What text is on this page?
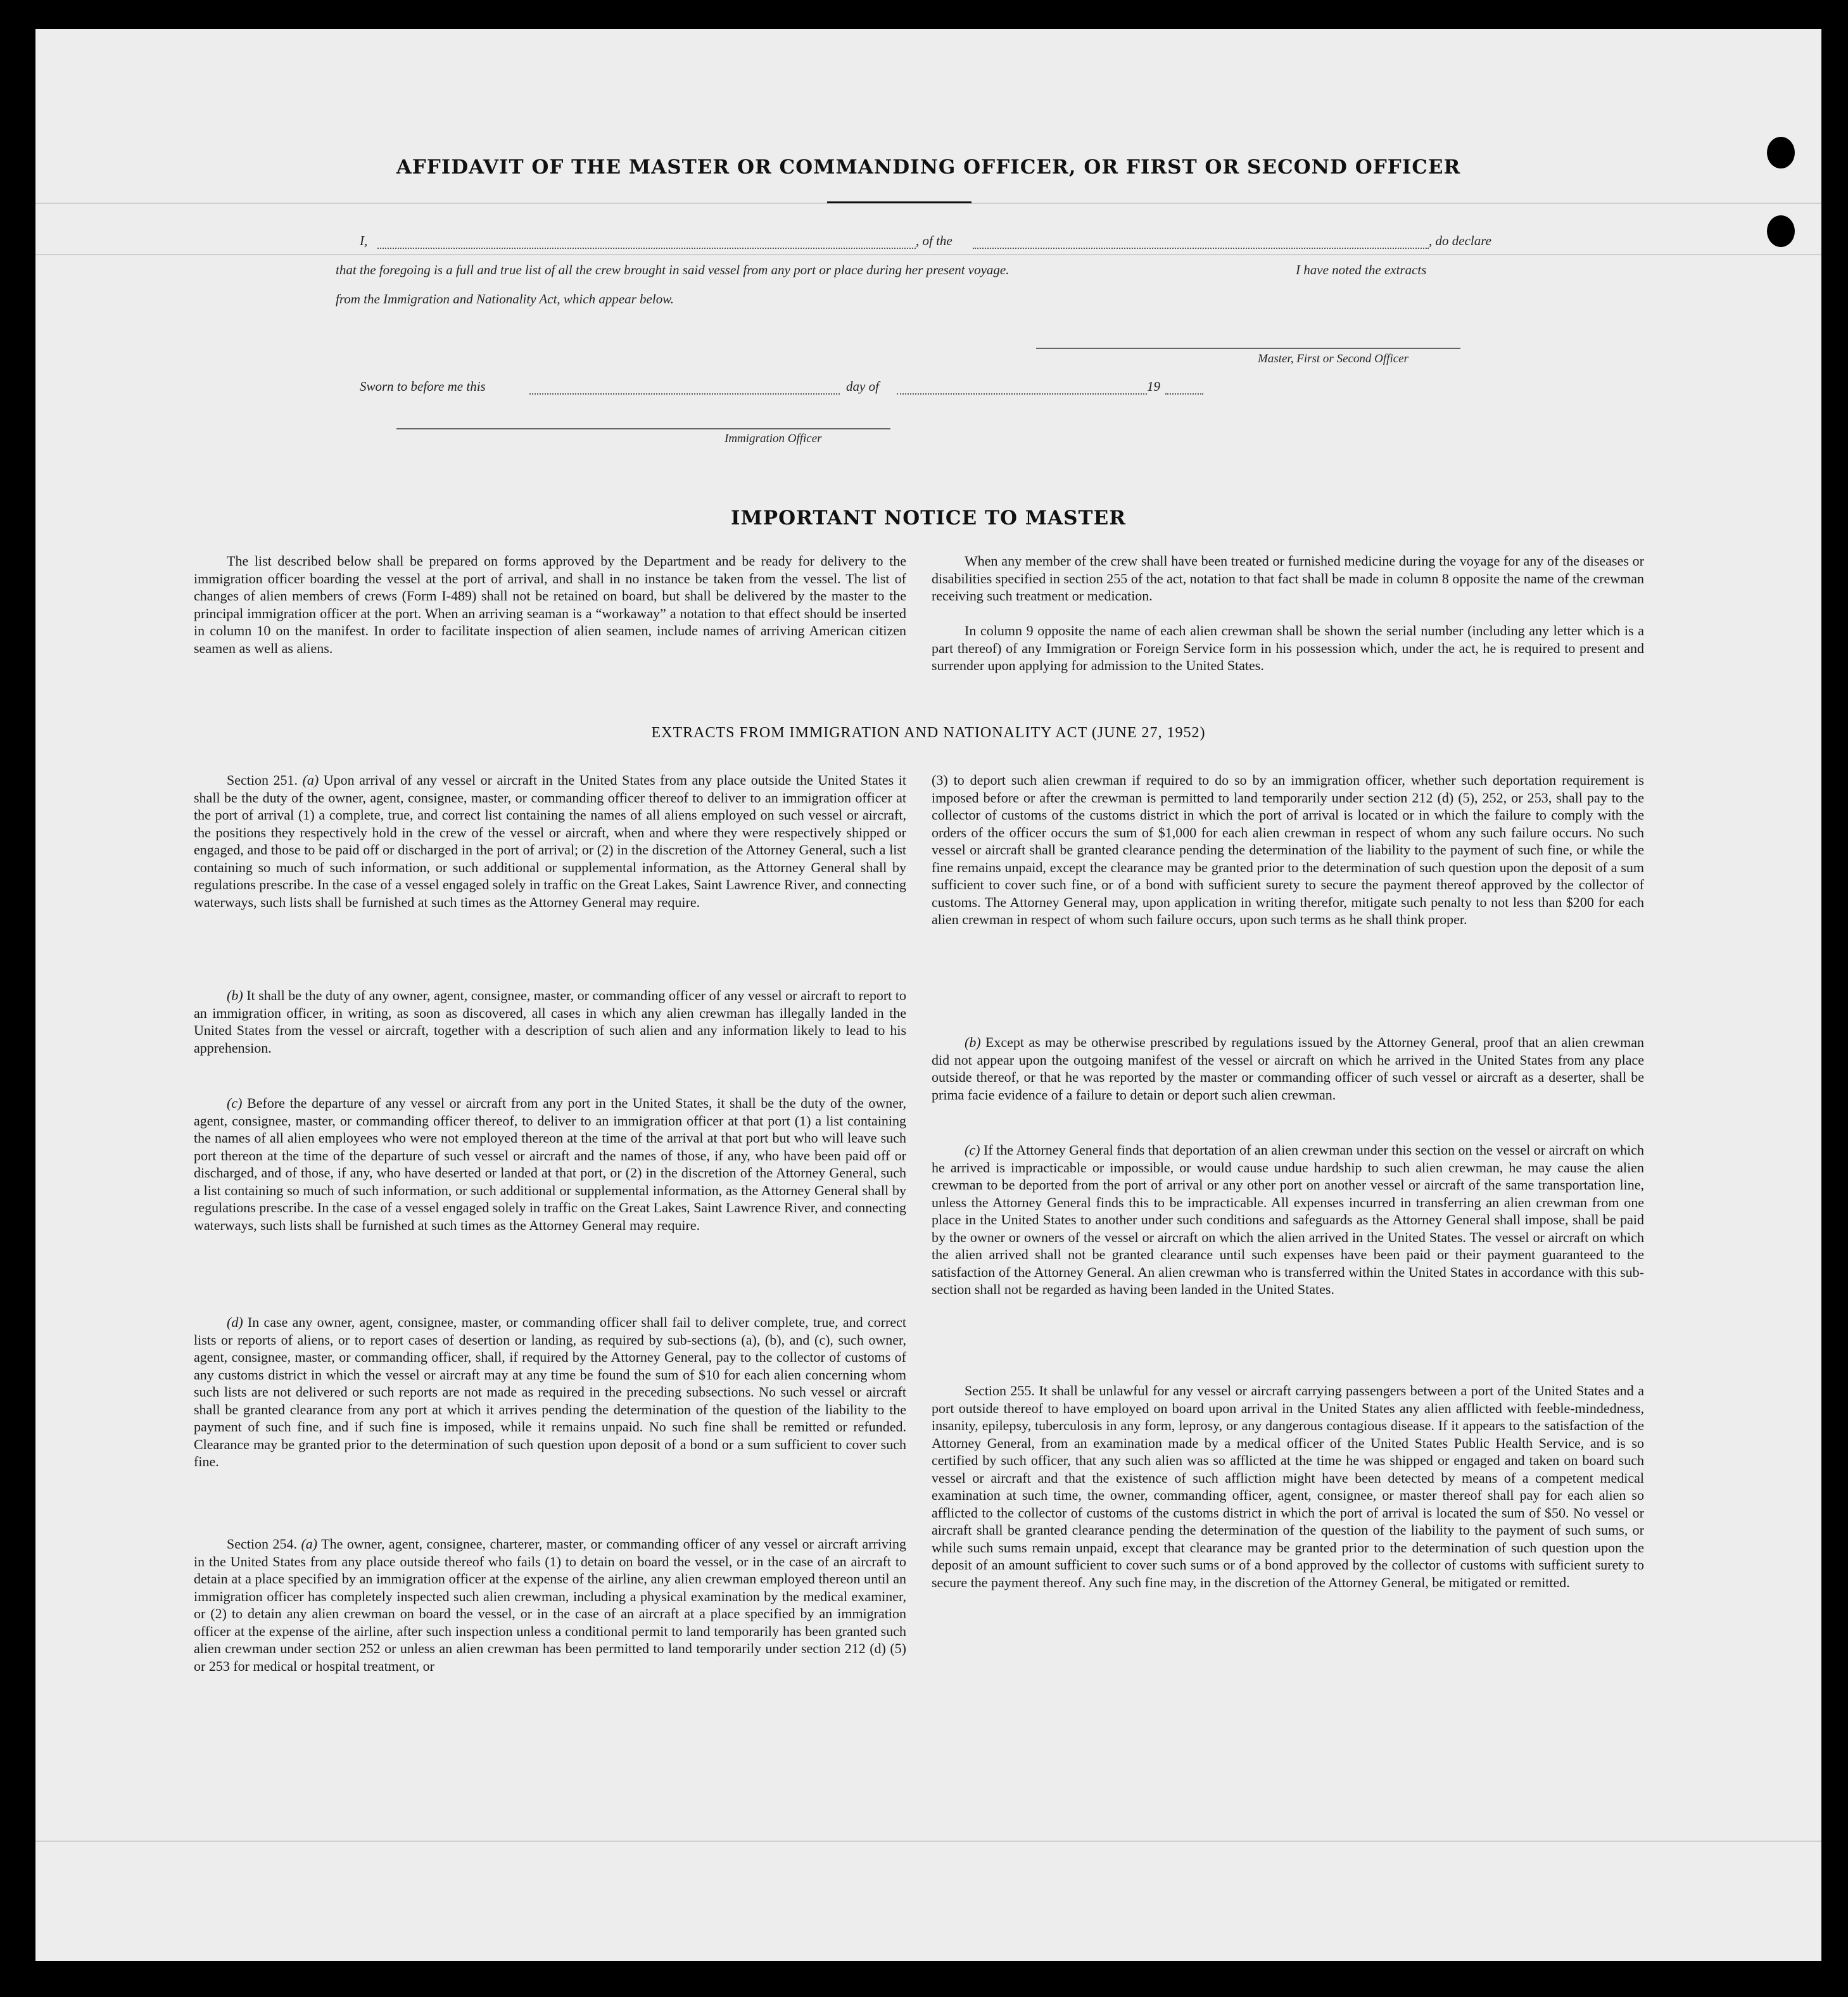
AFFIDAVIT OF THE MASTER OR COMMANDING OFFICER, OR FIRST OR SECOND OFFICER
I,	, of the	, do declare
that the foregoing is a full and true list of all the crew brought in said vessel from any port or place during her present voyage.	I have noted the extracts
from the Immigration and Nationality Act, which appear below.
Master, First or Second Officer
Sworn to before me this	day of	19
Immigration Officer
IMPORTANT NOTICE TO MASTER

The list described below shall be prepared on forms approved by the Department and be ready for delivery to the immigration officer boarding the vessel at the port of arrival, and shall in no instance be taken from the vessel. The list of changes of alien members of crews (Form I-489) shall not be retained on board, but shall be delivered by the master to the principal immigration officer at the port. When an arriving seaman is a “workaway” a notation to that effect should be inserted in column 10 on the manifest. In order to facilitate inspection of alien seamen, include names of arriving American citizen seamen as well as aliens.

When any member of the crew shall have been treated or furnished medicine during the voyage for any of the diseases or disabilities specified in section 255 of the act, notation to that fact shall be made in column 8 opposite the name of the crewman receiving such treatment or medication.

In column 9 opposite the name of each alien crewman shall be shown the serial number (including any letter which is a part thereof) of any Immigration or Foreign Service form in his possession which, under the act, he is required to present and surrender upon applying for admission to the United States.

EXTRACTS FROM IMMIGRATION AND NATIONALITY ACT (JUNE 27, 1952)

Section 251. (a) Upon arrival of any vessel or aircraft in the United States from any place outside the United States it shall be the duty of the owner, agent, consignee, master, or commanding officer thereof to deliver to an immigration officer at the port of arrival (1) a complete, true, and correct list containing the names of all aliens employed on such vessel or aircraft, the positions they respectively hold in the crew of the vessel or aircraft, when and where they were respectively shipped or engaged, and those to be paid off or discharged in the port of arrival; or (2) in the discretion of the Attorney General, such a list containing so much of such information, or such additional or supplemental information, as the Attorney General shall by regulations prescribe. In the case of a vessel engaged solely in traffic on the Great Lakes, Saint Lawrence River, and connecting waterways, such lists shall be furnished at such times as the Attorney General may require.

(b) It shall be the duty of any owner, agent, consignee, master, or commanding officer of any vessel or aircraft to report to an immigration officer, in writing, as soon as discovered, all cases in which any alien crewman has illegally landed in the United States from the vessel or aircraft, together with a description of such alien and any information likely to lead to his apprehension.

(c) Before the departure of any vessel or aircraft from any port in the United States, it shall be the duty of the owner, agent, consignee, master, or commanding officer thereof, to deliver to an immigration officer at that port (1) a list containing the names of all alien employees who were not employed thereon at the time of the arrival at that port but who will leave such port thereon at the time of the departure of such vessel or aircraft and the names of those, if any, who have been paid off or discharged, and of those, if any, who have deserted or landed at that port, or (2) in the discretion of the Attorney General, such a list containing so much of such information, or such additional or supplemental information, as the Attorney General shall by regulations prescribe. In the case of a vessel engaged solely in traffic on the Great Lakes, Saint Lawrence River, and connecting waterways, such lists shall be furnished at such times as the Attorney General may require.

(d) In case any owner, agent, consignee, master, or commanding officer shall fail to deliver complete, true, and correct lists or reports of aliens, or to report cases of desertion or landing, as required by sub-sections (a), (b), and (c), such owner, agent, consignee, master, or commanding officer, shall, if required by the Attorney General, pay to the collector of customs of any customs district in which the vessel or aircraft may at any time be found the sum of $10 for each alien concerning whom such lists are not delivered or such reports are not made as required in the preceding subsections. No such vessel or aircraft shall be granted clearance from any port at which it arrives pending the determination of the question of the liability to the payment of such fine, and if such fine is imposed, while it remains unpaid. No such fine shall be remitted or refunded. Clearance may be granted prior to the determination of such question upon deposit of a bond or a sum sufficient to cover such fine.

Section 254. (a) The owner, agent, consignee, charterer, master, or commanding officer of any vessel or aircraft arriving in the United States from any place outside thereof who fails (1) to detain on board the vessel, or in the case of an aircraft to detain at a place specified by an immigration officer at the expense of the airline, any alien crewman employed thereon until an immigration officer has completely inspected such alien crewman, including a physical examination by the medical examiner, or (2) to detain any alien crewman on board the vessel, or in the case of an aircraft at a place specified by an immigration officer at the expense of the airline, after such inspection unless a conditional permit to land temporarily has been granted such alien crewman under section 252 or unless an alien crewman has been permitted to land temporarily under section 212 (d) (5) or 253 for medical or hospital treatment, or

(3) to deport such alien crewman if required to do so by an immigration officer, whether such deportation requirement is imposed before or after the crewman is permitted to land temporarily under section 212 (d) (5), 252, or 253, shall pay to the collector of customs of the customs district in which the port of arrival is located or in which the failure to comply with the orders of the officer occurs the sum of $1,000 for each alien crewman in respect of whom any such failure occurs. No such vessel or aircraft shall be granted clearance pending the determination of the liability to the payment of such fine, or while the fine remains unpaid, except the clearance may be granted prior to the determination of such question upon the deposit of a sum sufficient to cover such fine, or of a bond with sufficient surety to secure the payment thereof approved by the collector of customs. The Attorney General may, upon application in writing therefor, mitigate such penalty to not less than $200 for each alien crewman in respect of whom such failure occurs, upon such terms as he shall think proper.

(b) Except as may be otherwise prescribed by regulations issued by the Attorney General, proof that an alien crewman did not appear upon the outgoing manifest of the vessel or aircraft on which he arrived in the United States from any place outside thereof, or that he was reported by the master or commanding officer of such vessel or aircraft as a deserter, shall be prima facie evidence of a failure to detain or deport such alien crewman.

(c) If the Attorney General finds that deportation of an alien crewman under this section on the vessel or aircraft on which he arrived is impracticable or impossible, or would cause undue hardship to such alien crewman, he may cause the alien crewman to be deported from the port of arrival or any other port on another vessel or aircraft of the same transportation line, unless the Attorney General finds this to be impracticable. All expenses incurred in transferring an alien crewman from one place in the United States to another under such conditions and safeguards as the Attorney General shall impose, shall be paid by the owner or owners of the vessel or aircraft on which the alien arrived in the United States. The vessel or aircraft on which the alien arrived shall not be granted clearance until such expenses have been paid or their payment guaranteed to the satisfaction of the Attorney General. An alien crewman who is transferred within the United States in accordance with this sub-section shall not be regarded as having been landed in the United States.

Section 255. It shall be unlawful for any vessel or aircraft carrying passengers between a port of the United States and a port outside thereof to have employed on board upon arrival in the United States any alien afflicted with feeble-mindedness, insanity, epilepsy, tuberculosis in any form, leprosy, or any dangerous contagious disease. If it appears to the satisfaction of the Attorney General, from an examination made by a medical officer of the United States Public Health Service, and is so certified by such officer, that any such alien was so afflicted at the time he was shipped or engaged and taken on board such vessel or aircraft and that the existence of such affliction might have been detected by means of a competent medical examination at such time, the owner, commanding officer, agent, consignee, or master thereof shall pay for each alien so afflicted to the collector of customs of the customs district in which the port of arrival is located the sum of $50. No vessel or aircraft shall be granted clearance pending the determination of the question of the liability to the payment of such sums, or while such sums remain unpaid, except that clearance may be granted prior to the determination of such question upon the deposit of an amount sufficient to cover such sums or of a bond approved by the collector of customs with sufficient surety to secure the payment thereof. Any such fine may, in the discretion of the Attorney General, be mitigated or remitted.
